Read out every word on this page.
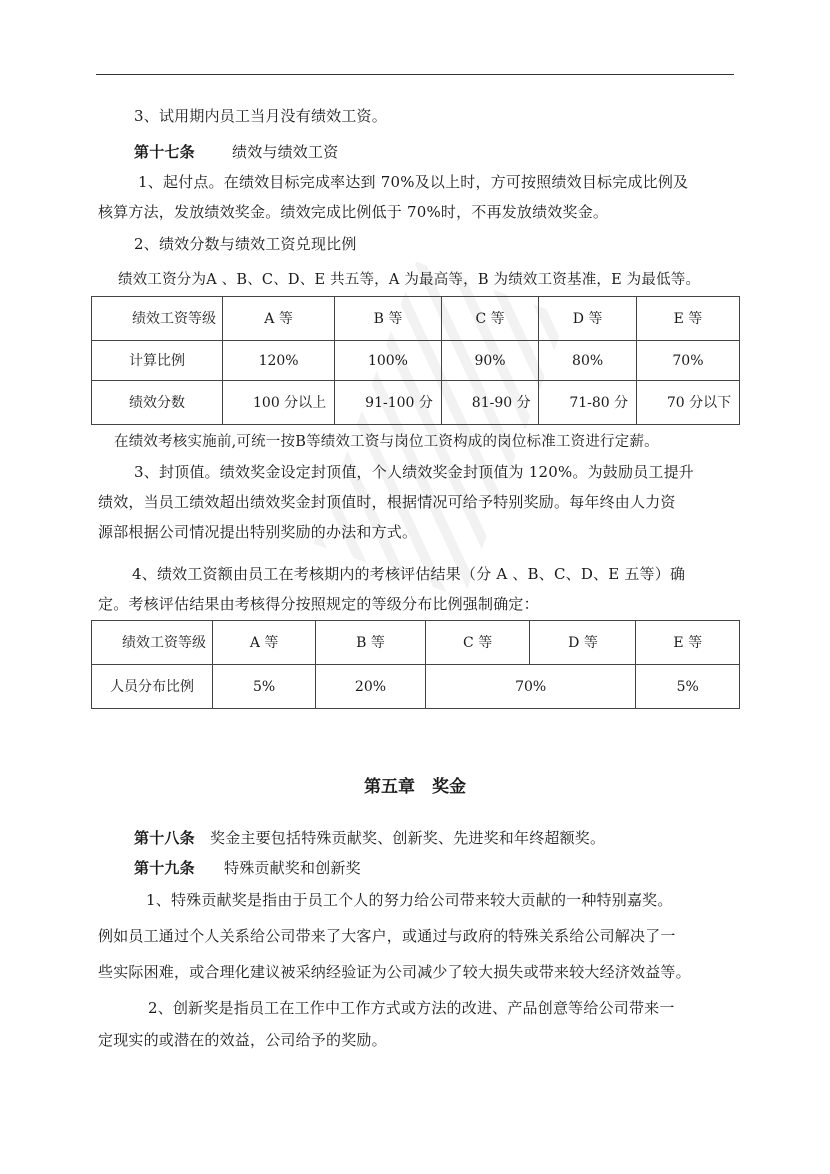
3、试用期内员工当月没有绩效工资。
第十七条 绩效与绩效工资
1、起付点。在绩效目标完成率达到 70%及以上时，方可按照绩效目标完成比例及
核算方法，发放绩效奖金。绩效完成比例低于 70%时，不再发放绩效奖金。
2、绩效分数与绩效工资兑现比例
绩效工资分为A 、B、C、D、E 共五等，A 为最高等，B 为绩效工资基准，E 为最低等。
绩效工资等级	A 等	B 等	C 等	D 等	E 等
计算比例	120%	100%	90%	80%	70%
绩效分数	100 分以上	91-100 分	81-90 分	71-80 分	70 分以下
在绩效考核实施前,可统一按B等绩效工资与岗位工资构成的岗位标准工资进行定薪。
3、封顶值。绩效奖金设定封顶值，个人绩效奖金封顶值为 120%。为鼓励员工提升
绩效，当员工绩效超出绩效奖金封顶值时，根据情况可给予特别奖励。每年终由人力资
源部根据公司情况提出特别奖励的办法和方式。
4、绩效工资额由员工在考核期内的考核评估结果（分 A 、B、C、D、E 五等）确
定。考核评估结果由考核得分按照规定的等级分布比例强制确定：
绩效工资等级	A 等	B 等	C 等	D 等	E 等
人员分布比例	5%	20%	70%		5%
第五章　奖金
第十八条 奖金主要包括特殊贡献奖、创新奖、先进奖和年终超额奖。
第十九条 特殊贡献奖和创新奖
1、特殊贡献奖是指由于员工个人的努力给公司带来较大贡献的一种特别嘉奖。
例如员工通过个人关系给公司带来了大客户，或通过与政府的特殊关系给公司解决了一
些实际困难，或合理化建议被采纳经验证为公司减少了较大损失或带来较大经济效益等。
2、创新奖是指员工在工作中工作方式或方法的改进、产品创意等给公司带来一
定现实的或潜在的效益，公司给予的奖励。
